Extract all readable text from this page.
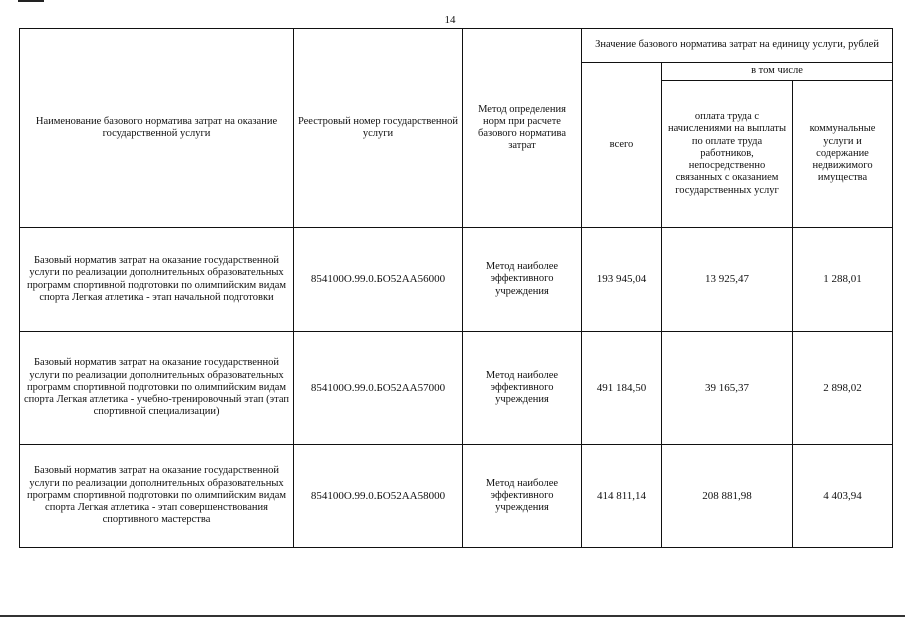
14
Наименование базового норматива затрат на оказание государственной услуги	Реестровый номер государственной услуги	Метод определения норм при расчете базового норматива затрат	Значение базового норматива затрат на единицу услуги, рублей		
			всего	в том числе	
				оплата труда с начислениями на выплаты по оплате труда работников, непосредственно связанных с оказанием государственных услуг	коммунальные услуги и содержание недвижимого имущества
Базовый норматив затрат на оказание государственной услуги по реализации дополнительных образовательных программ спортивной подготовки по олимпийским видам спорта Легкая атлетика - этап начальной подготовки	854100О.99.0.БО52АА56000	Метод наиболее эффективного учреждения	193 945,04	13 925,47	1 288,01
Базовый норматив затрат на оказание государственной услуги по реализации дополнительных образовательных программ спортивной подготовки по олимпийским видам спорта Легкая атлетика - учебно-тренировочный этап (этап спортивной специализации)	854100О.99.0.БО52АА57000	Метод наиболее эффективного учреждения	491 184,50	39 165,37	2 898,02
Базовый норматив затрат на оказание государственной услуги по реализации дополнительных образовательных программ спортивной подготовки по олимпийским видам спорта Легкая атлетика - этап совершенствования спортивного мастерства	854100О.99.0.БО52АА58000	Метод наиболее эффективного учреждения	414 811,14	208 881,98	4 403,94
